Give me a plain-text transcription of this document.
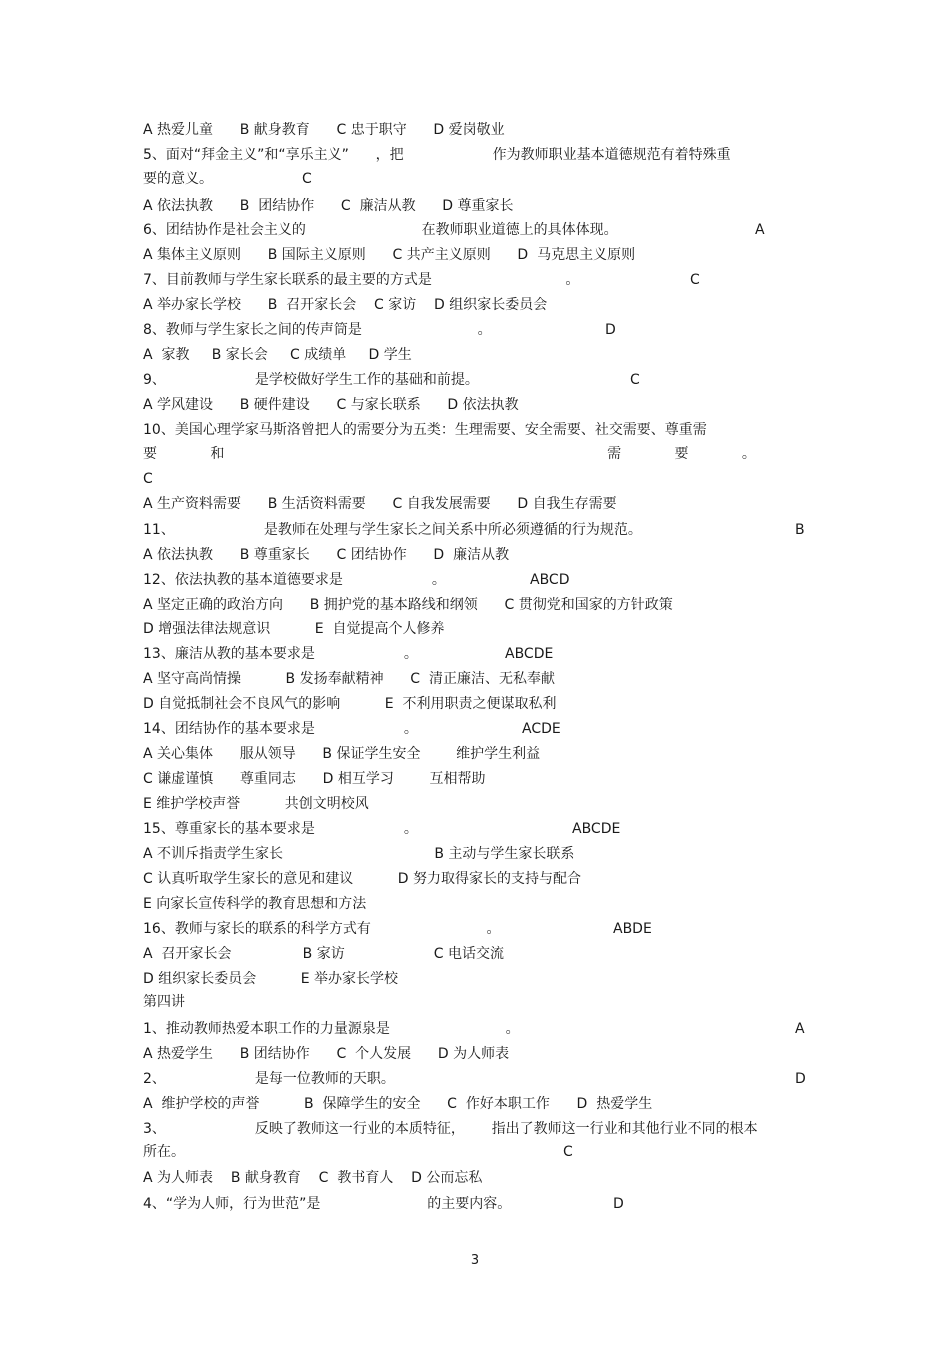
A 热爱儿童      B 献身教育      C 忠于职守      D 爱岗敬业
5、面对“拜金主义”和“享乐主义”      ，把                    作为教师职业基本道德规范有着特殊重
要的意义。	C
A 依法执教      B  团结协作      C  廉洁从教      D 尊重家长
6、团结协作是社会主义的                          在教师职业道德上的具体体现。	A
A 集体主义原则      B 国际主义原则      C 共产主义原则      D  马克思主义原则
7、目前教师与学生家长联系的最主要的方式是                              。	C
A 举办家长学校      B  召开家长会    C 家访    D 组织家长委员会
8、教师与学生家长之间的传声筒是                          。	D
A  家教     B 家长会     C 成绩单     D 学生
9、                    是学校做好学生工作的基础和前提。	C
A 学风建设      B 硬件建设      C 与家长联系      D 依法执教
10、美国心理学家马斯洛曾把人的需要分为五类：生理需要、安全需要、社交需要、尊重需
要            和                                                                                      需            要            。
C
A 生产资料需要      B 生活资料需要      C 自我发展需要      D 自我生存需要
11、                    是教师在处理与学生家长之间关系中所必须遵循的行为规范。	B
A 依法执教      B 尊重家长      C 团结协作      D  廉洁从教
12、依法执教的基本道德要求是                    。	ABCD
A 坚定正确的政治方向      B 拥护党的基本路线和纲领      C 贯彻党和国家的方针政策
D 增强法律法规意识          E  自觉提高个人修养
13、廉洁从教的基本要求是                    。	ABCDE
A 坚守高尚情操          B 发扬奉献精神      C  清正廉洁、无私奉献
D 自觉抵制社会不良风气的影响          E  不利用职责之便谋取私利
14、团结协作的基本要求是                    。	ACDE
A 关心集体      服从领导      B 保证学生安全        维护学生利益
C 谦虚谨慎      尊重同志      D 相互学习        互相帮助
E 维护学校声誉          共创文明校风
15、尊重家长的基本要求是                    。	ABCDE
A 不训斥指责学生家长                                  B 主动与学生家长联系
C 认真听取学生家长的意见和建议          D 努力取得家长的支持与配合
E 向家长宣传科学的教育思想和方法
16、教师与家长的联系的科学方式有                          。	ABDE
A  召开家长会                B 家访                    C 电话交流
D 组织家长委员会          E 举办家长学校
第四讲
1、推动教师热爱本职工作的力量源泉是                          。	A
A 热爱学生      B 团结协作      C  个人发展      D 为人师表
2、                    是每一位教师的天职。	D
A  维护学校的声誉          B  保障学生的安全      C  作好本职工作      D  热爱学生
3、                    反映了教师这一行业的本质特征，      指出了教师这一行业和其他行业不同的根本
所在。	C
A 为人师表    B 献身教育    C  教书育人    D 公而忘私
4、“学为人师，行为世范”是                        的主要内容。	D
3
